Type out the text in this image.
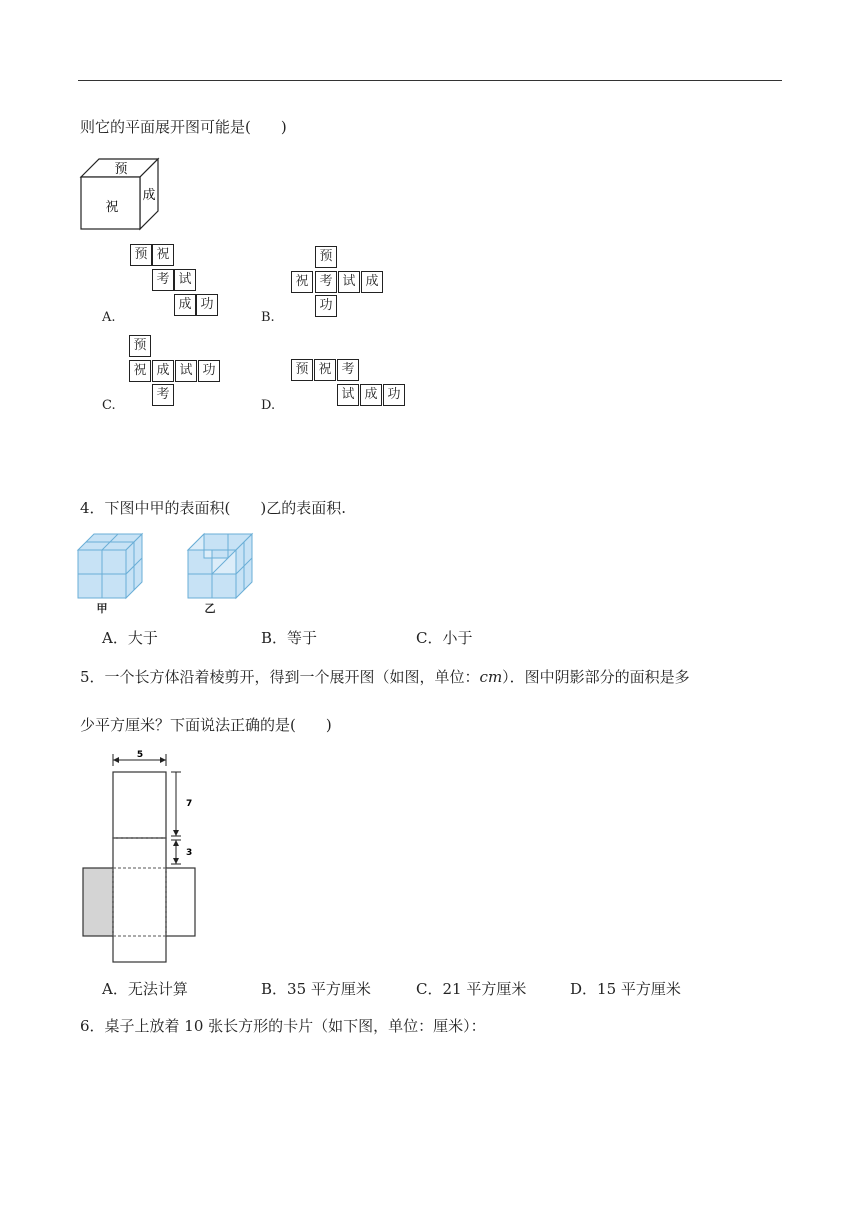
则它的平面展开图可能是(　　)
预
祝
成
预 祝
考 试
成 功
A.
预
祝 考 试 成
功
B.
预
祝 成 试 功
考
C.
预 祝 考
试 成 功
D.
4．下图中甲的表面积(　　)乙的表面积.
甲	乙
A．大于	B．等于	C．小于
5．一个长方体沿着棱剪开，得到一个展开图（如图，单位：cm）．图中阴影部分的面积是多
少平方厘米？下面说法正确的是(　　)
5
7
3
A．无法计算	B．35 平方厘米	C．21 平方厘米	D．15 平方厘米
6．桌子上放着 10 张长方形的卡片（如下图，单位：厘米）：
